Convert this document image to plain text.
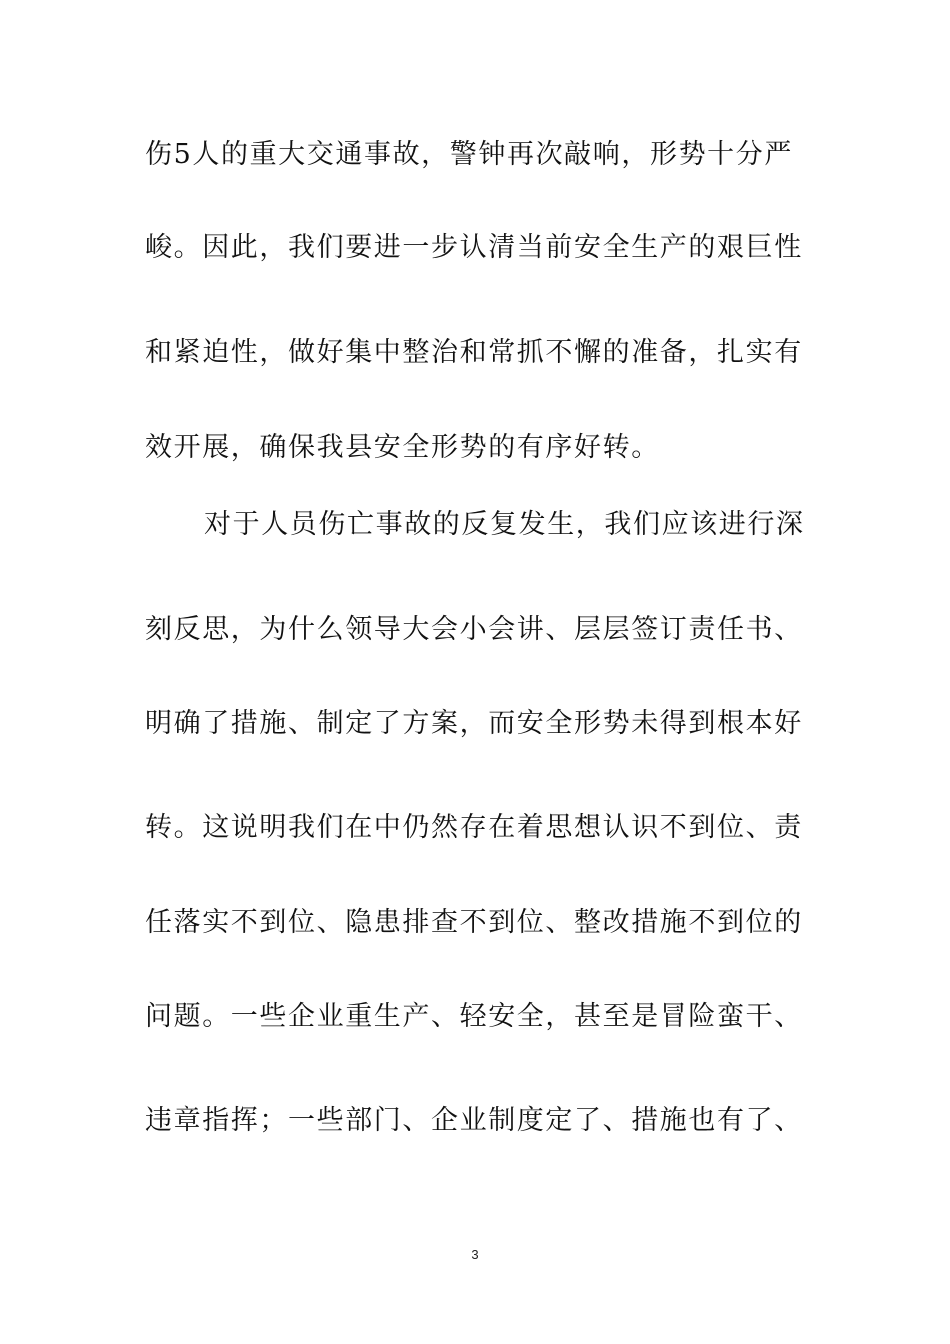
伤5人的重大交通事故，警钟再次敲响，形势十分严
峻。因此，我们要进一步认清当前安全生产的艰巨性
和紧迫性，做好集中整治和常抓不懈的准备，扎实有
效开展，确保我县安全形势的有序好转。
对于人员伤亡事故的反复发生，我们应该进行深
刻反思，为什么领导大会小会讲、层层签订责任书、
明确了措施、制定了方案，而安全形势未得到根本好
转。这说明我们在中仍然存在着思想认识不到位、责
任落实不到位、隐患排查不到位、整改措施不到位的
问题。一些企业重生产、轻安全，甚至是冒险蛮干、
违章指挥；一些部门、企业制度定了、措施也有了、
3
